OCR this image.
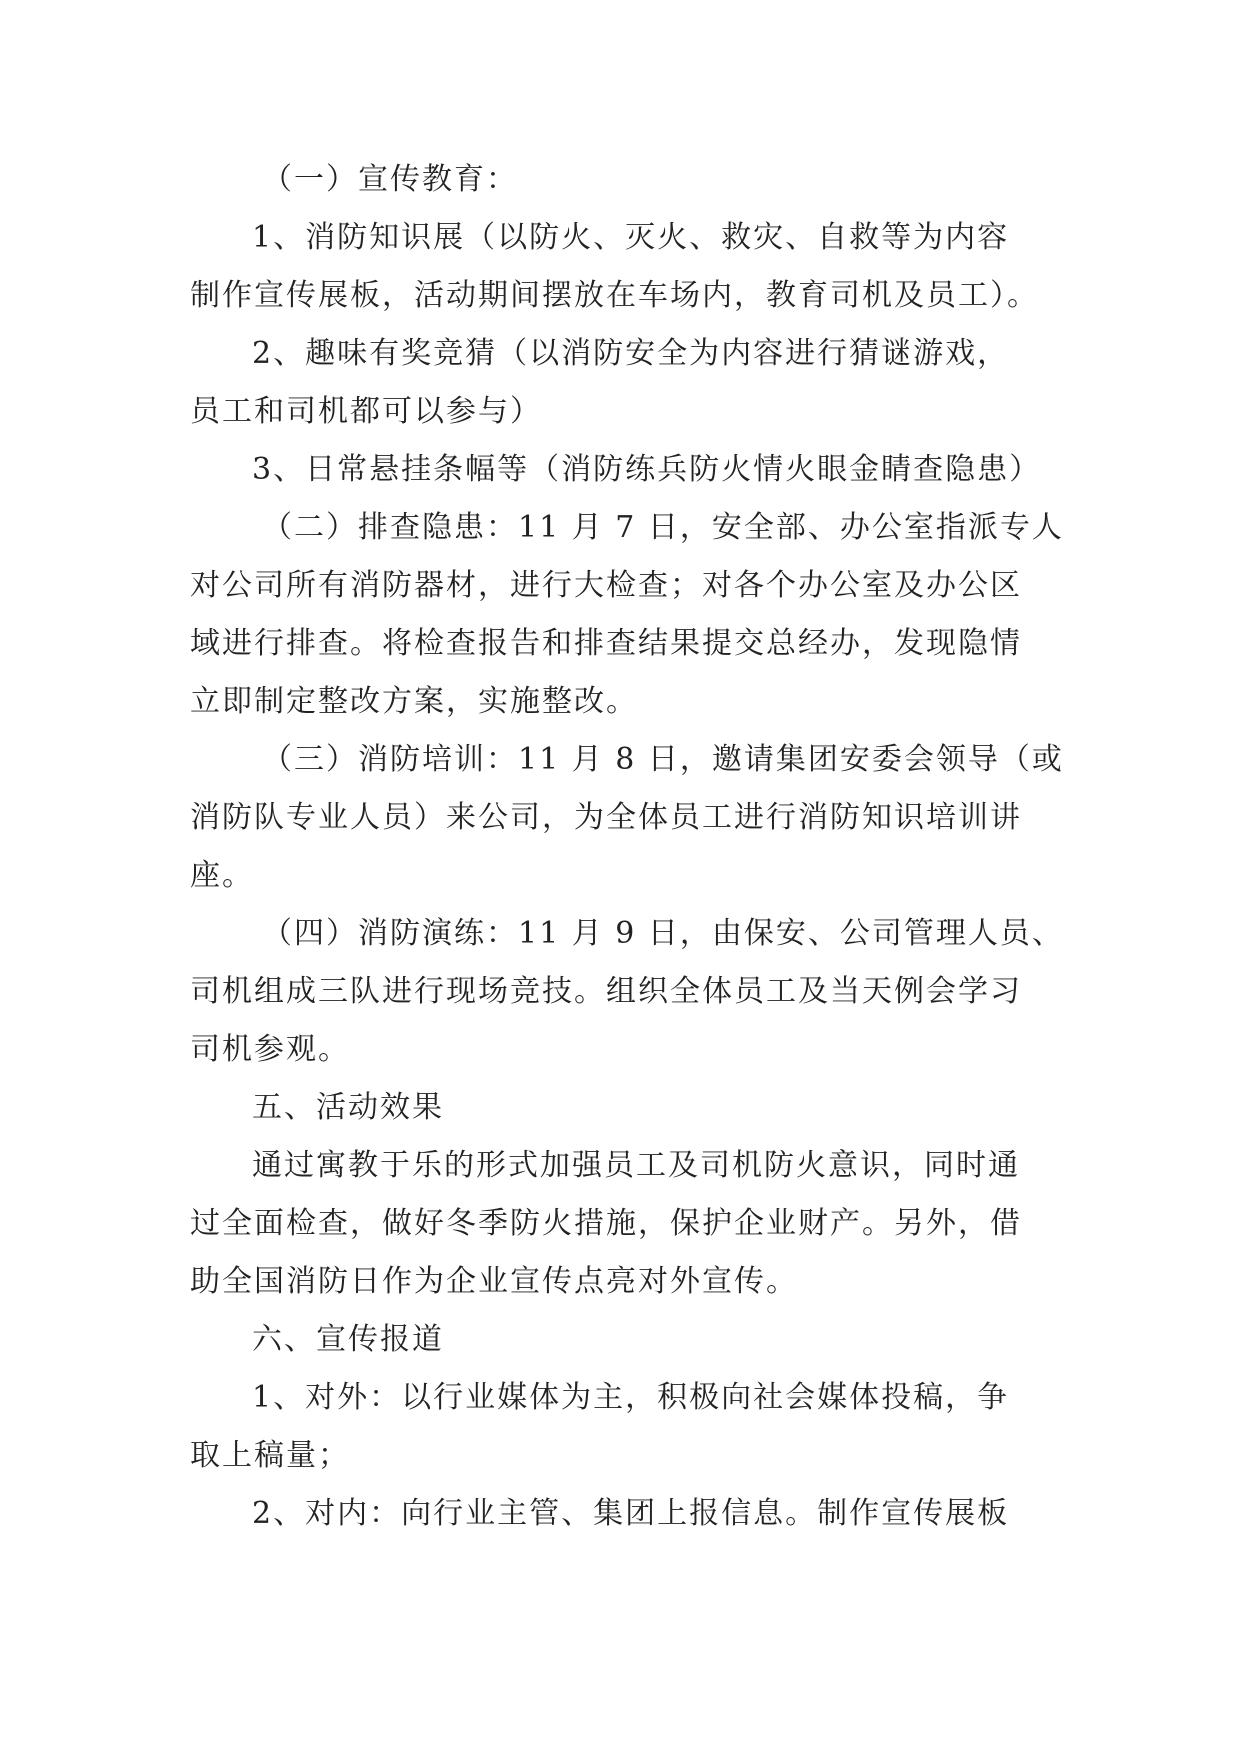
（一）宣传教育：

1、消防知识展（以防火、灭火、救灾、自救等为内容
制作宣传展板，活动期间摆放在车场内，教育司机及员工）。

2、趣味有奖竞猜（以消防安全为内容进行猜谜游戏，
员工和司机都可以参与）

3、日常悬挂条幅等（消防练兵防火情火眼金睛查隐患）

（二）排查隐患：11 月 7 日，安全部、办公室指派专人
对公司所有消防器材，进行大检查；对各个办公室及办公区
域进行排查。将检查报告和排查结果提交总经办，发现隐情
立即制定整改方案，实施整改。

（三）消防培训：11 月 8 日，邀请集团安委会领导（或
消防队专业人员）来公司，为全体员工进行消防知识培训讲
座。

（四）消防演练：11 月 9 日，由保安、公司管理人员、
司机组成三队进行现场竞技。组织全体员工及当天例会学习
司机参观。

五、活动效果

通过寓教于乐的形式加强员工及司机防火意识，同时通
过全面检查，做好冬季防火措施，保护企业财产。另外，借
助全国消防日作为企业宣传点亮对外宣传。

六、宣传报道

1、对外：以行业媒体为主，积极向社会媒体投稿，争
取上稿量；

2、对内：向行业主管、集团上报信息。制作宣传展板
